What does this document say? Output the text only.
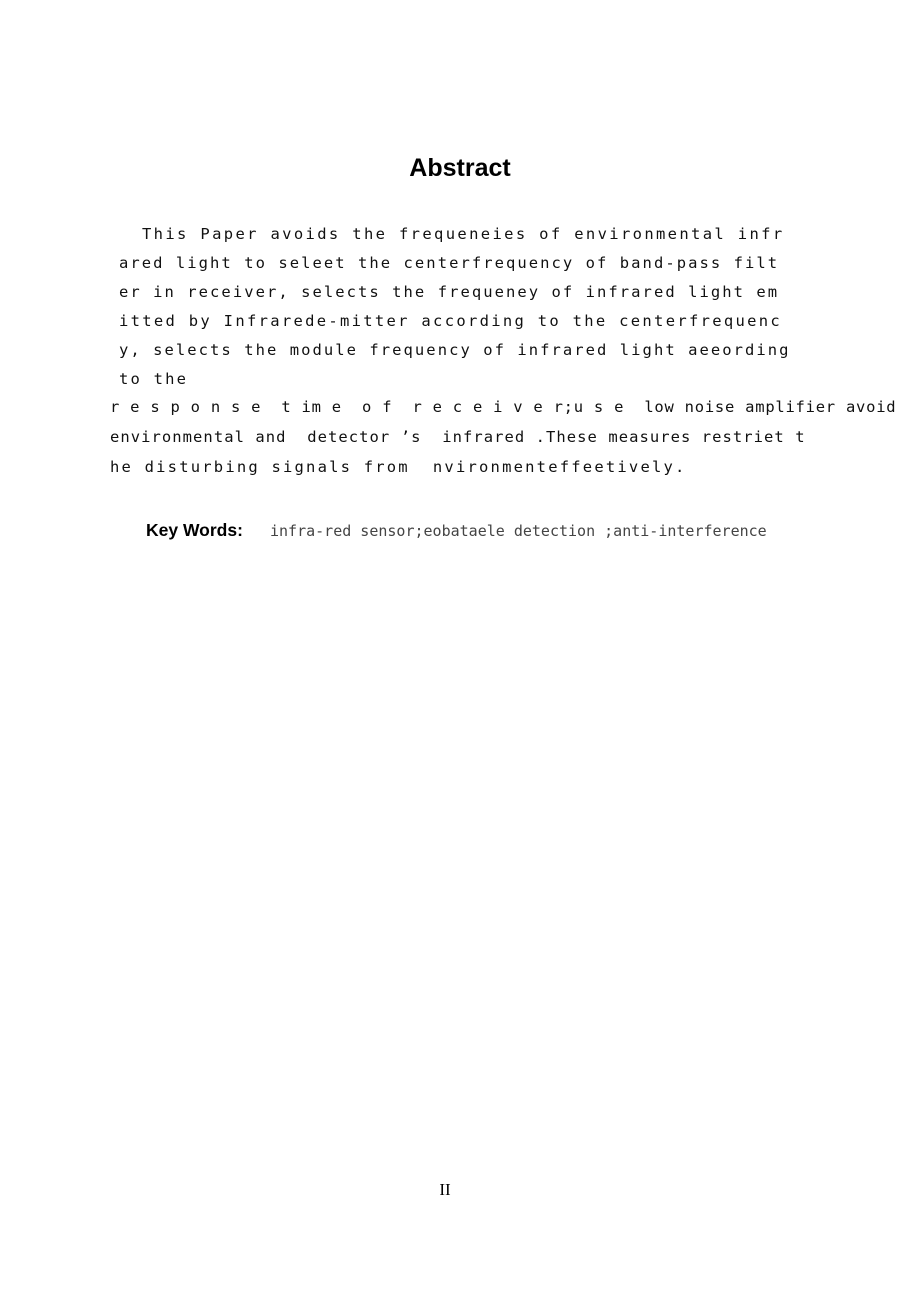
Abstract
This Paper avoids the frequeneies of environmental infr
ared light to seleet the centerfrequency of band-pass filt
er in receiver, selects the frequeney of infrared light em
itted by Infrarede-mitter according to the centerfrequenc
y, selects the module frequency of infrared light aeeording
to the
r e s p o n s e  t im e  o f  r e c e i v e r;u s e  low noise amplifier avoid
environmental and  detector ’s  infrared .These measures restriet t
he disturbing signals from  nvironmenteffeetively.
Key Words: infra-red sensor;eobataele detection ;anti-interference
II
